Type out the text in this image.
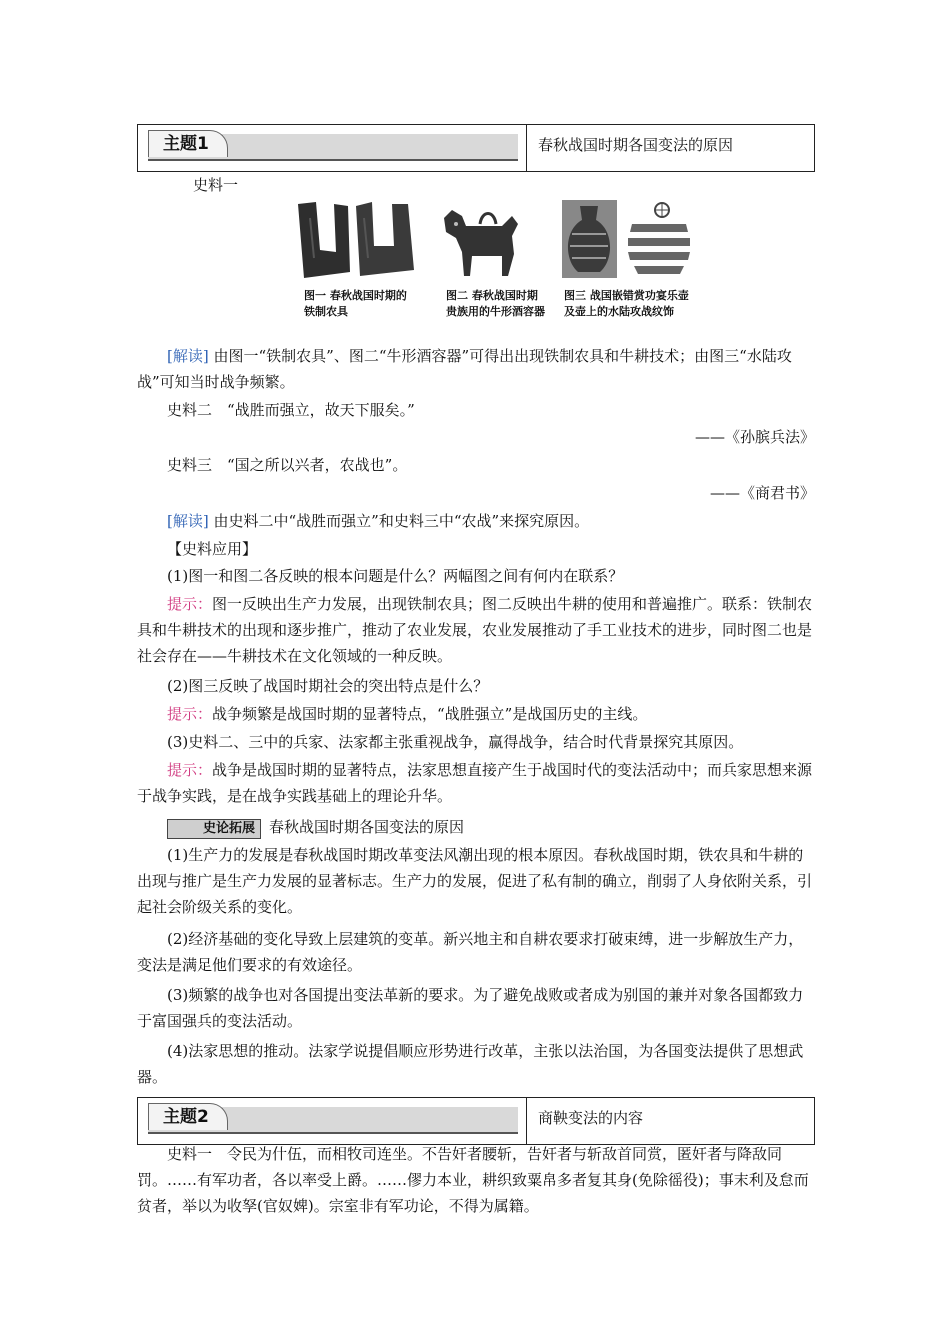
主题1	春秋战国时期各国变法的原因

史料一

图一 春秋战国时期的铁制农具
图二 春秋战国时期贵族用的牛形酒容器
图三 战国嵌错赏功宴乐壶及壶上的水陆攻战纹饰

[解读] 由图一“铁制农具”、图二“牛形酒容器”可得出出现铁制农具和牛耕技术；由图三“水陆攻战”可知当时战争频繁。

史料二　“战胜而强立，故天下服矣。”

——《孙膑兵法》

史料三　“国之所以兴者，农战也”。

——《商君书》

[解读] 由史料二中“战胜而强立”和史料三中“农战”来探究原因。

【史料应用】

(1)图一和图二各反映的根本问题是什么？两幅图之间有何内在联系？

提示：图一反映出生产力发展，出现铁制农具；图二反映出牛耕的使用和普遍推广。联系：铁制农具和牛耕技术的出现和逐步推广，推动了农业发展，农业发展推动了手工业技术的进步，同时图二也是社会存在——牛耕技术在文化领域的一种反映。

(2)图三反映了战国时期社会的突出特点是什么？

提示：战争频繁是战国时期的显著特点，“战胜强立”是战国历史的主线。

(3)史料二、三中的兵家、法家都主张重视战争，赢得战争，结合时代背景探究其原因。

提示：战争是战国时期的显著特点，法家思想直接产生于战国时代的变法活动中；而兵家思想来源于战争实践，是在战争实践基础上的理论升华。

史论拓展 春秋战国时期各国变法的原因

(1)生产力的发展是春秋战国时期改革变法风潮出现的根本原因。春秋战国时期，铁农具和牛耕的出现与推广是生产力发展的显著标志。生产力的发展，促进了私有制的确立，削弱了人身依附关系，引起社会阶级关系的变化。

(2)经济基础的变化导致上层建筑的变革。新兴地主和自耕农要求打破束缚，进一步解放生产力，变法是满足他们要求的有效途径。

(3)频繁的战争也对各国提出变法革新的要求。为了避免战败或者成为别国的兼并对象各国都致力于富国强兵的变法活动。

(4)法家思想的推动。法家学说提倡顺应形势进行改革，主张以法治国，为各国变法提供了思想武器。

主题2	商鞅变法的内容

史料一　令民为什伍，而相牧司连坐。不告奸者腰斩，告奸者与斩敌首同赏，匿奸者与降敌同罚。……有军功者，各以率受上爵。……僇力本业，耕织致粟帛多者复其身(免除徭役)；事末利及怠而贫者，举以为收孥(官奴婢)。宗室非有军功论，不得为属籍。
